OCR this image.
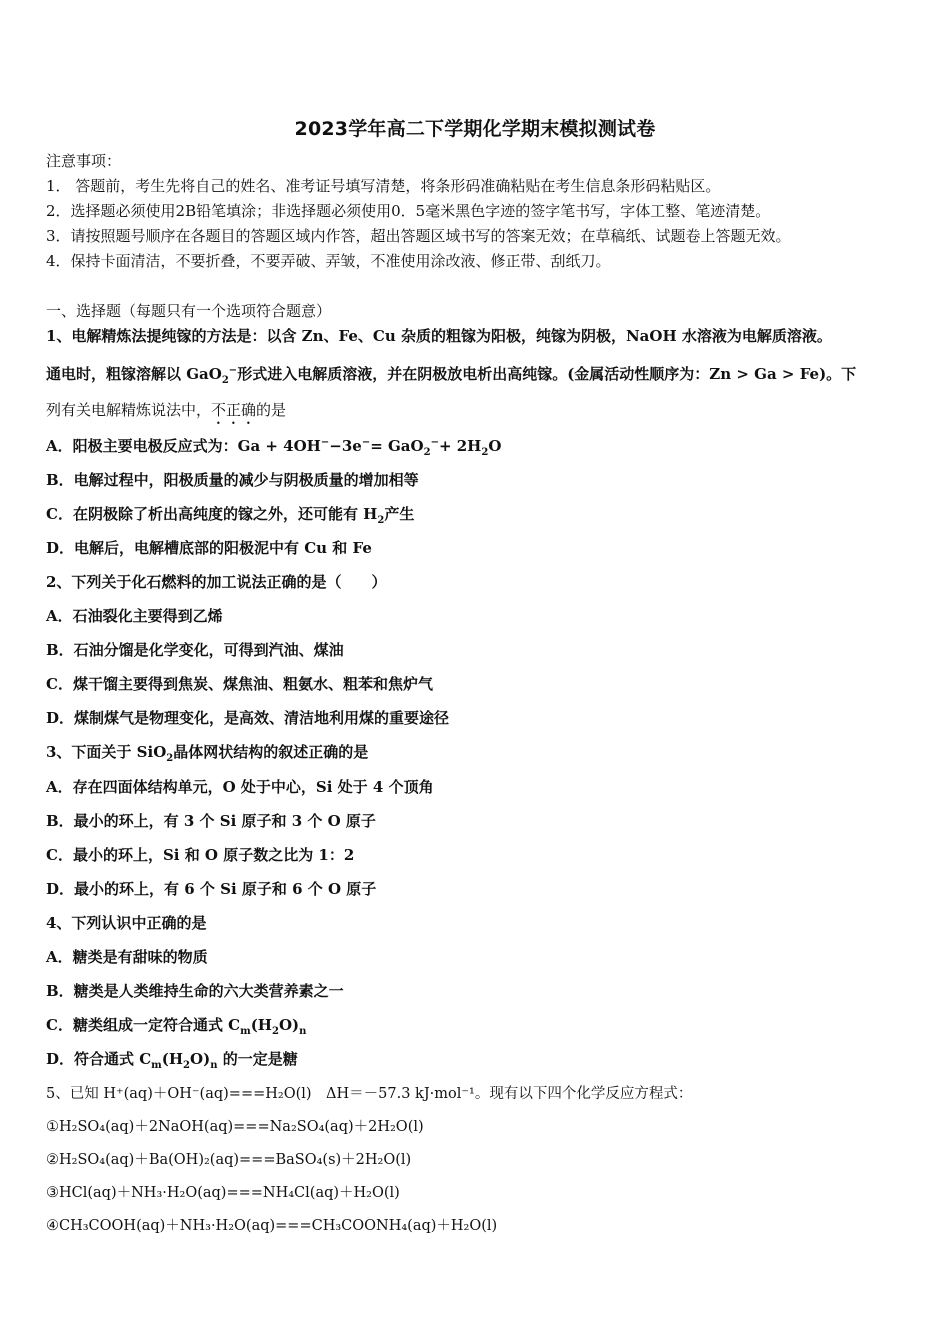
2023学年高二下学期化学期末模拟测试卷
注意事项：
1． 答题前，考生先将自己的姓名、准考证号填写清楚，将条形码准确粘贴在考生信息条形码粘贴区。
2．选择题必须使用2B铅笔填涂；非选择题必须使用0．5毫米黑色字迹的签字笔书写，字体工整、笔迹清楚。
3．请按照题号顺序在各题目的答题区域内作答，超出答题区域书写的答案无效；在草稿纸、试题卷上答题无效。
4．保持卡面清洁，不要折叠，不要弄破、弄皱，不准使用涂改液、修正带、刮纸刀。
一、选择题（每题只有一个选项符合题意）
1、电解精炼法提纯镓的方法是：以含 Zn、Fe、Cu 杂质的粗镓为阳极，纯镓为阴极，NaOH 水溶液为电解质溶液。
通电时，粗镓溶解以 GaO$_2$−形式进入电解质溶液，并在阴极放电析出高纯镓。(金属活动性顺序为：Zn > Ga > Fe)。下
列有关电解精炼说法中，不正确的是
A．阳极主要电极反应式为：$Ga + 4OH^--3e^-= GaO_2^-+ 2H_2O$
B．电解过程中，阳极质量的减少与阴极质量的增加相等
C．在阴极除了析出高纯度的镓之外，还可能有 $H_2$产生
D．电解后，电解槽底部的阳极泥中有 Cu 和 Fe
2、下列关于化石燃料的加工说法正确的是（　　）
A．石油裂化主要得到乙烯
B．石油分馏是化学变化，可得到汽油、煤油
C．煤干馏主要得到焦炭、煤焦油、粗氨水、粗苯和焦炉气
D．煤制煤气是物理变化，是高效、清洁地利用煤的重要途径
3、下面关于 SiO$_2$晶体网状结构的叙述正确的是
A．存在四面体结构单元，O 处于中心，Si 处于 4 个顶角
B．最小的环上，有 3 个 Si 原子和 3 个 O 原子
C．最小的环上，Si 和 O 原子数之比为 1：2
D．最小的环上，有 6 个 Si 原子和 6 个 O 原子
4、下列认识中正确的是
A．糖类是有甜味的物质
B．糖类是人类维持生命的六大类营养素之一
C．糖类组成一定符合通式 $C_m(H_2O)_n$
D．符合通式 $C_m(H_2O)_n$ 的一定是糖
5、已知 H⁺(aq)＋OH⁻(aq)===H₂O(l)　ΔH＝－57.3 kJ·mol⁻¹。现有以下四个化学反应方程式：
①H₂SO₄(aq)＋2NaOH(aq)===Na₂SO₄(aq)＋2H₂O(l)
②H₂SO₄(aq)＋Ba(OH)₂(aq)===BaSO₄(s)＋2H₂O(l)
③HCl(aq)＋NH₃·H₂O(aq)===NH₄Cl(aq)＋H₂O(l)
④CH₃COOH(aq)＋NH₃·H₂O(aq)===CH₃COONH₄(aq)＋H₂O(l)
